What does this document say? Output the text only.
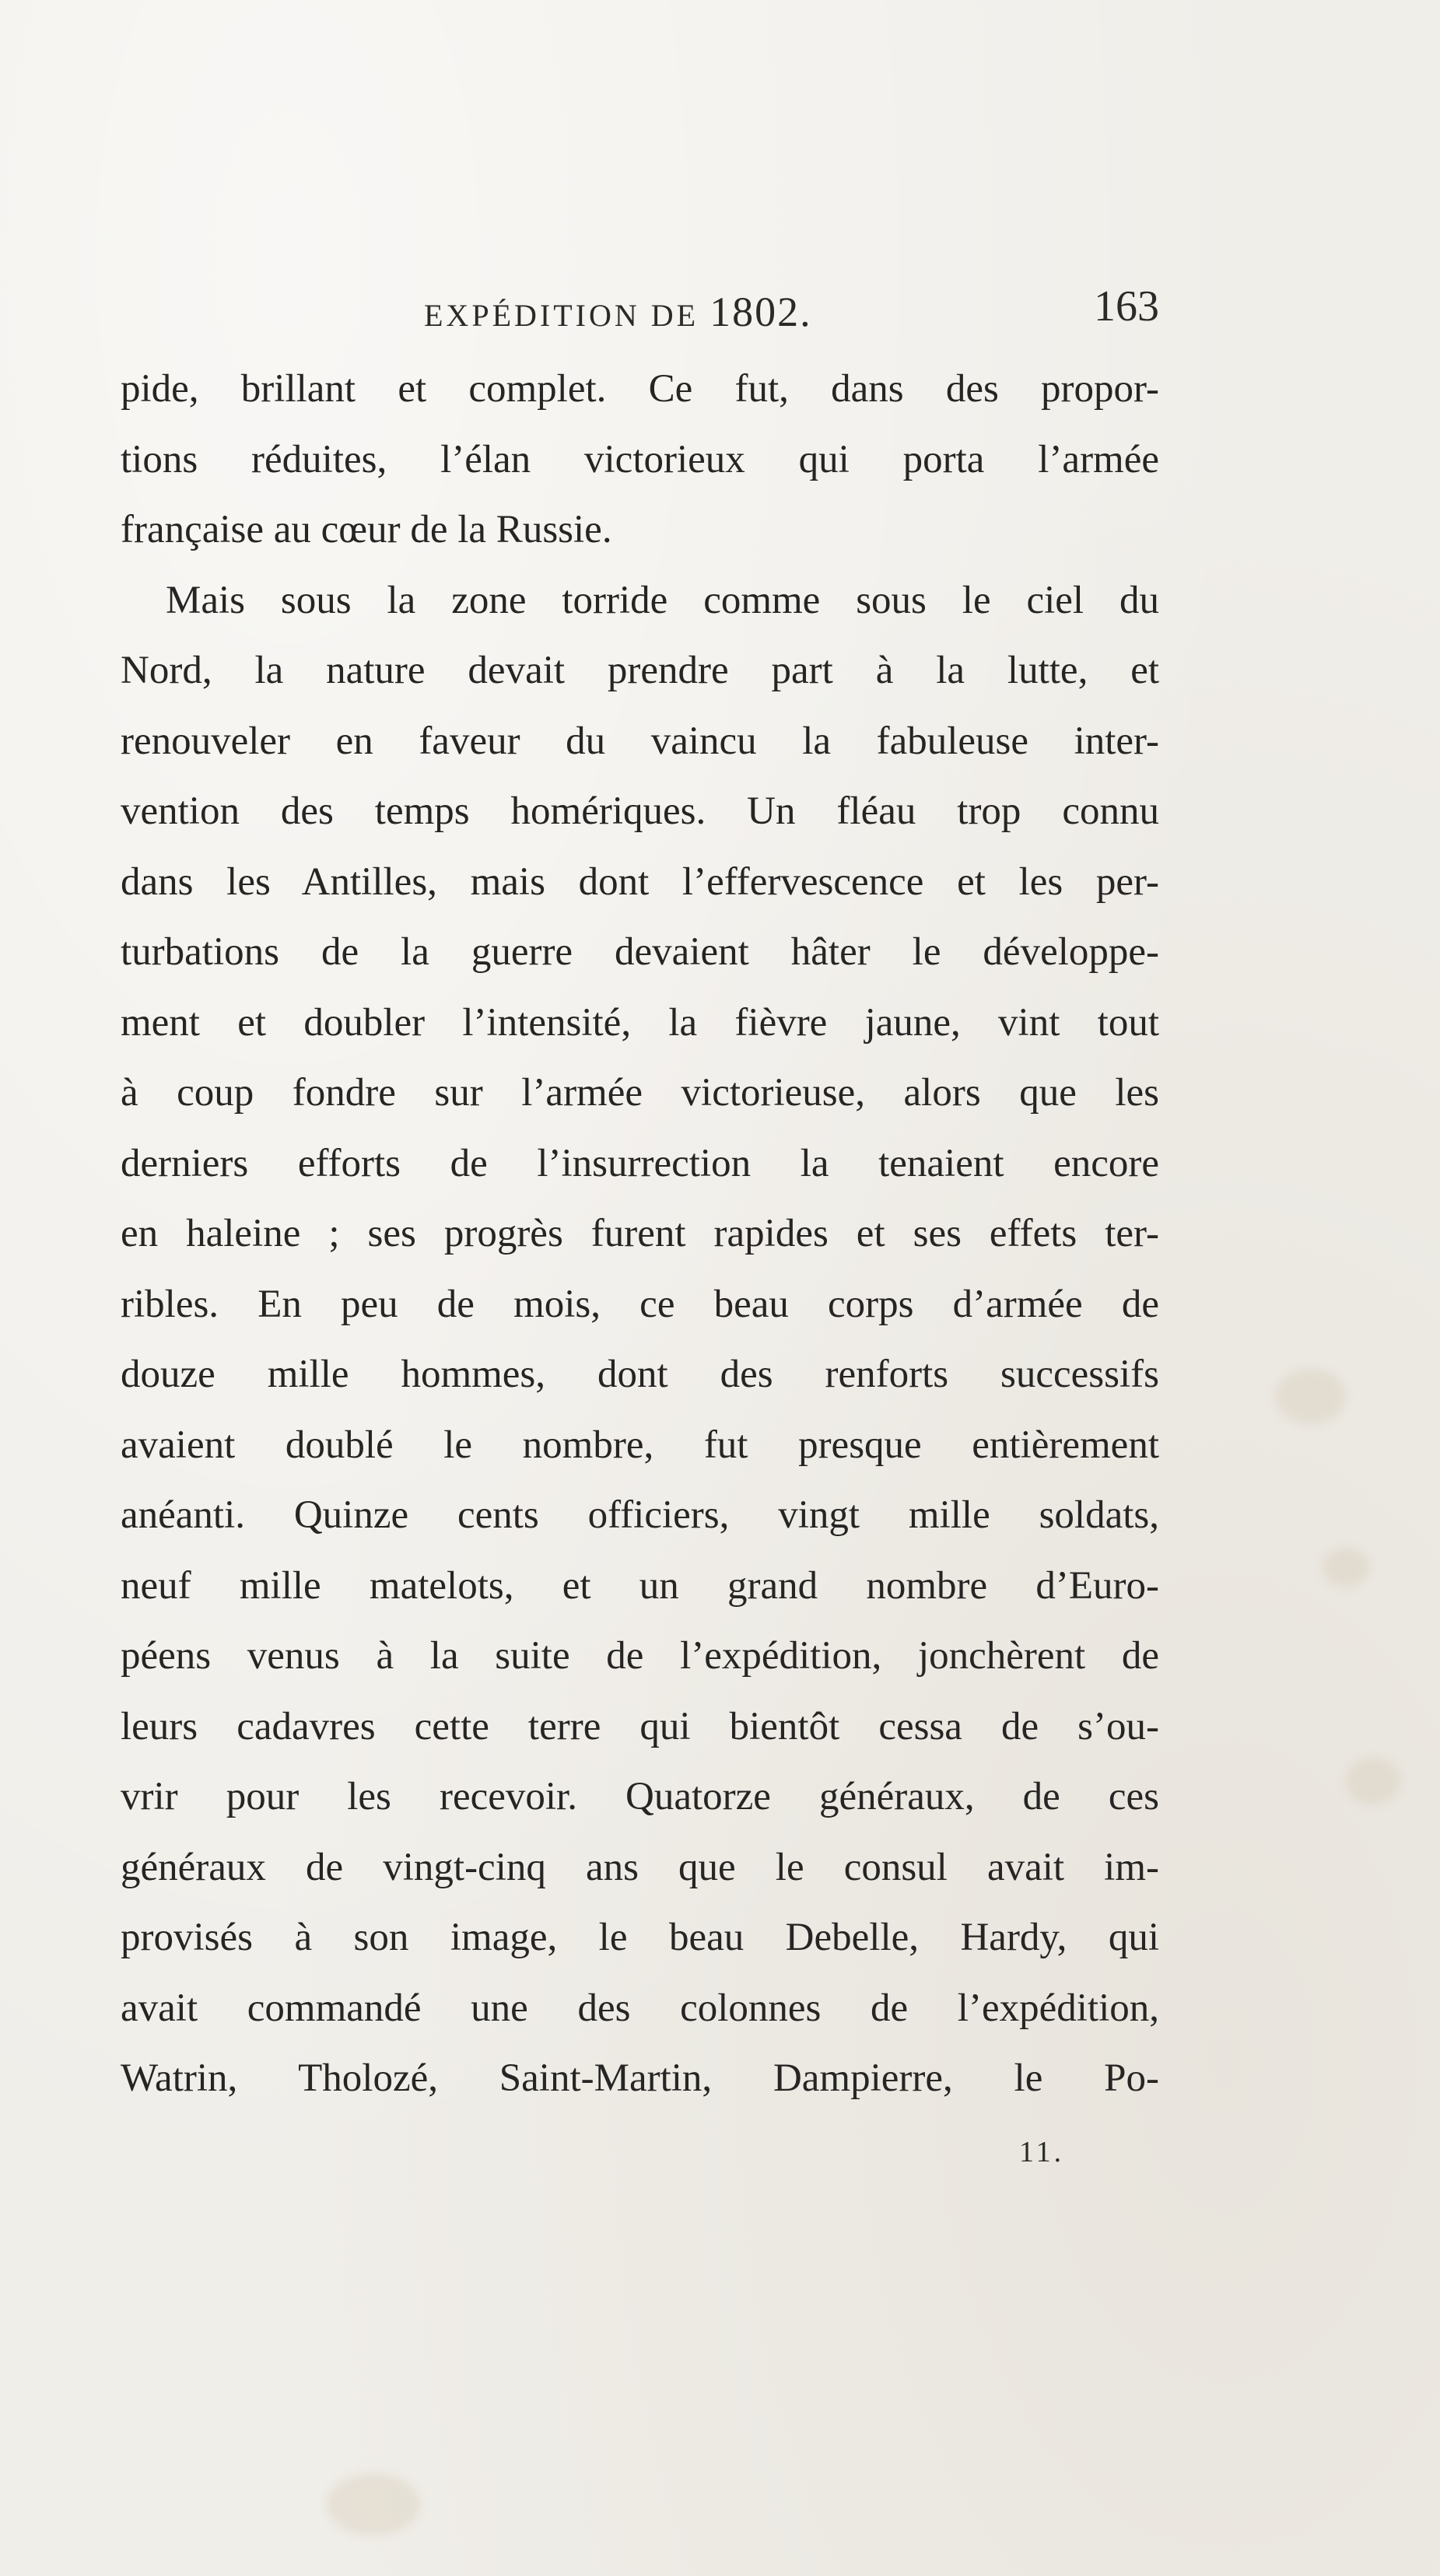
EXPÉDITION DE 1802.	163
pide, brillant et complet. Ce fut, dans des propor-
tions réduites, l’élan victorieux qui porta l’armée
française au cœur de la Russie.
Mais sous la zone torride comme sous le ciel du
Nord, la nature devait prendre part à la lutte, et
renouveler en faveur du vaincu la fabuleuse inter-
vention des temps homériques. Un fléau trop connu
dans les Antilles, mais dont l’effervescence et les per-
turbations de la guerre devaient hâter le développe-
ment et doubler l’intensité, la fièvre jaune, vint tout
à coup fondre sur l’armée victorieuse, alors que les
derniers efforts de l’insurrection la tenaient encore
en haleine ; ses progrès furent rapides et ses effets ter-
ribles. En peu de mois, ce beau corps d’armée de
douze mille hommes, dont des renforts successifs
avaient doublé le nombre, fut presque entièrement
anéanti. Quinze cents officiers, vingt mille soldats,
neuf mille matelots, et un grand nombre d’Euro-
péens venus à la suite de l’expédition, jonchèrent de
leurs cadavres cette terre qui bientôt cessa de s’ou-
vrir pour les recevoir. Quatorze généraux, de ces
généraux de vingt-cinq ans que le consul avait im-
provisés à son image, le beau Debelle, Hardy, qui
avait commandé une des colonnes de l’expédition,
Watrin, Tholozé, Saint-Martin, Dampierre, le Po-
11.
